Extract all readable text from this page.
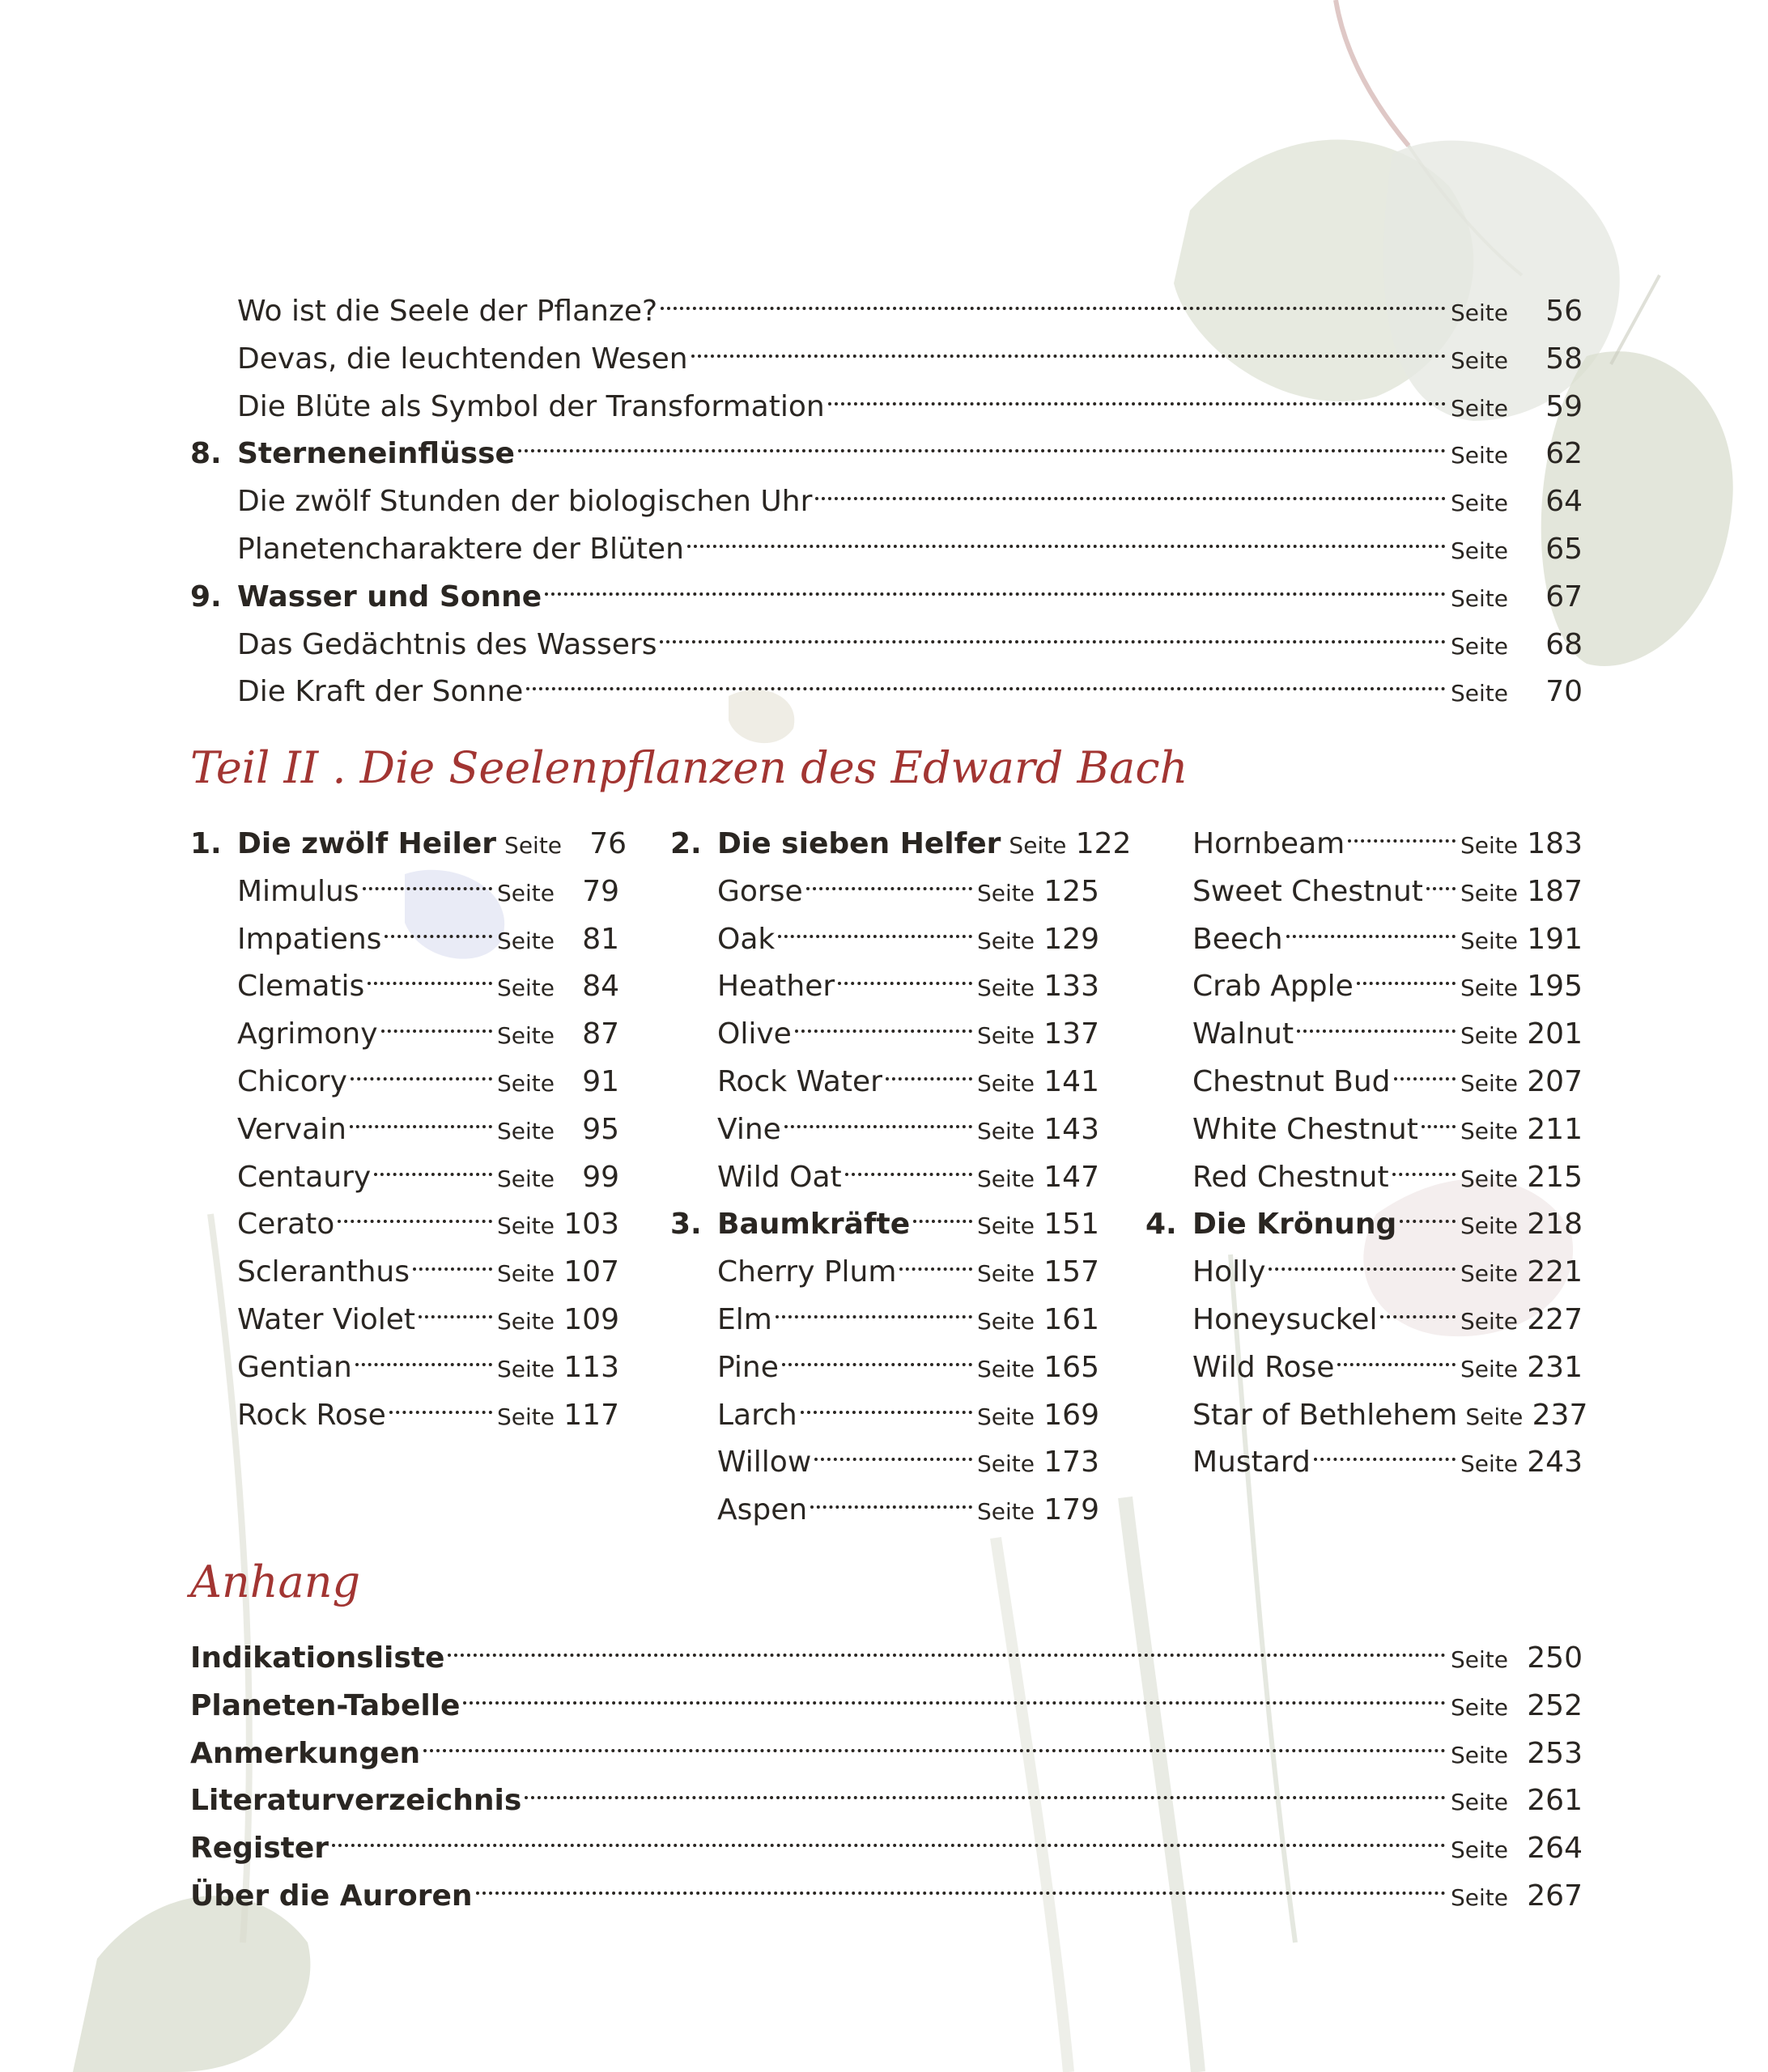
Wo ist die Seele der Pflanze?	Seite	56
Devas, die leuchtenden Wesen	Seite	58
Die Blüte als Symbol der Transformation	Seite	59
8. Sterneneinflüsse	Seite	62
Die zwölf Stunden der biologischen Uhr	Seite	64
Planetencharaktere der Blüten	Seite	65
9. Wasser und Sonne	Seite	67
Das Gedächtnis des Wassers	Seite	68
Die Kraft der Sonne	Seite	70
Teil II . Die Seelenpflanzen des Edward Bach
1. Die zwölf Heiler Seite 76
Mimulus	Seite 79
Impatiens	Seite 81
Clematis	Seite 84
Agrimony	Seite 87
Chicory	Seite 91
Vervain	Seite 95
Centaury	Seite 99
Cerato	Seite 103
Scleranthus	Seite 107
Water Violet	Seite 109
Gentian	Seite 113
Rock Rose	Seite 117
2. Die sieben Helfer Seite 122
Gorse	Seite 125
Oak	Seite 129
Heather	Seite 133
Olive	Seite 137
Rock Water	Seite 141
Vine	Seite 143
Wild Oat	Seite 147
3. Baumkräfte	Seite 151
Cherry Plum	Seite 157
Elm	Seite 161
Pine	Seite 165
Larch	Seite 169
Willow	Seite 173
Aspen	Seite 179
Hornbeam	Seite 183
Sweet Chestnut Seite 187
Beech	Seite 191
Crab Apple	Seite 195
Walnut	Seite 201
Chestnut Bud	Seite 207
White Chestnut Seite 211
Red Chestnut	Seite 215
4. Die Krönung	Seite 218
Holly	Seite 221
Honeysuckel	Seite 227
Wild Rose	Seite 231
Star of Bethlehem Seite 237
Mustard	Seite 243
Anhang
Indikationsliste	Seite 250
Planeten-Tabelle	Seite 252
Anmerkungen	Seite 253
Literaturverzeichnis	Seite 261
Register	Seite 264
Über die Auroren	Seite 267
